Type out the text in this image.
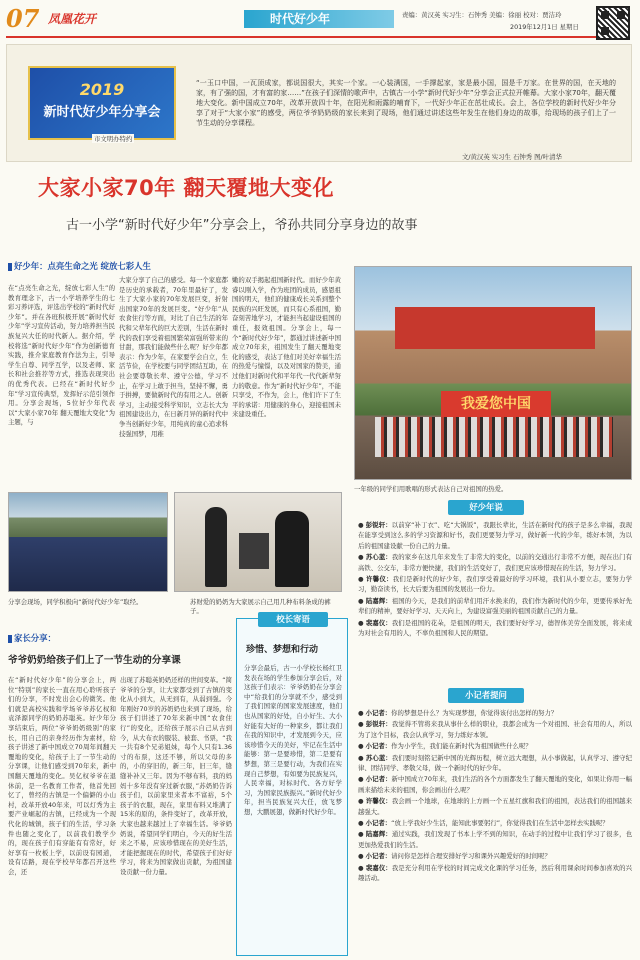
07 凤凰花开	时代好少年	责编：黄汉英 实习生：石钟秀 美编：徐丽 校对：贾洁玲
2019年12月1日 星期日
2019
新时代好少年分享会
市文明办特约
“一玉口中国，一瓦顶成家，都说国很大，其实一个家。一心装满国，一手撑起家，家是最小国，国是千万家。在世界的国，在天地的家，有了强的国，才有富的家……”在孩子们深情的歌声中，古镇古一小学“新时代好少年”分享会正式拉开帷幕。大家小家70年，翻天覆地大变化。新中国成立70年，改革开放四十年，在阳光和雨露的哺育下，一代好少年正在茁壮成长。会上，各位学校的新时代好少年分享了对于“大家小家”的感受，两位爷爷奶奶级的家长来到了现场，他们通过讲述这些年发生在他们身边的故事，给现场的孩子们上了一节生动的分享课程。
文/黄汉英 实习生 石钟秀 图/叶清华
大家小家70年 翻天覆地大变化
古一小学“新时代好少年”分享会上，爷孙共同分享身边的故事
好少年：点亮生命之光 绽放七彩人生
在“点亮生命之光，绽放七彩人生”的教育理念下，古一小学培养学生的七彩习养评选，评选出学校的“新时代好少年”。并在各班积极开展“新时代好少年”学习宣传活动，努力培养担当民族复兴大任的时代新人。据介绍，学校将选“新时代好少年”作为创新德育实践，推介家庭教育作法为主，引导学生自尊、同学互学，以及老师、家长和社会推荐等方式，推选表现突出的优秀代表。已经在“新时代好少年”学习宣传典型，发挥好示范引领作用。分享会现场，5位好少年代表以“大家小家70年 翻天覆地大变化”为主题，与
大家分享了自己的感受。每一个家庭都是历史的承载者，70年里最好了，发生了大家小家的70年发展巨变，折射出国家70年的发展巨变。“好少年”从农食住行等方面，对比了自己生活的年代和父辈年代的巨大差别，生活在新时代的我们享受着祖国繁荣富强所带来的甘甜，那我们能做些什么呢？好少年都表示：作为少年，在家要学会自立，生活节俭，在学校要与同学团结互助，在社会要尊敬长辈、遵守公德，学习不止，在学习上敢于担当，坚持不懈，勇于拼搏，要做新时代的有用之人。创新学习，主动接受科学知识，立志长大为祖国建设出力，在日新月异的新时代中争当创新好少年，用纯真的童心追求科技强国梦，用稚
嫩的双手揭起祖国新时代。而好少年黄睿以刚入学，作为班团的成员，感恩祖国的明天，他们的健康成长关系到整个民族的兴旺发展，而只有心系祖国，勤奋刻苦地学习，才能担当起建设祖国的重任，报效祖国。分享会上，每一个“新时代好少年”，都通过讲述新中国成立70年来，祖国发生了翻天覆地变化的感受，表达了他们对美好幸福生活的热爱与憧憬，以及对国家的赞美，通过他们对新时代和平年代一代代新辈努力的敬意。作为“新时代好少年”，不能只享受，不作为，会上，他们许下了生平的承诺：用健康的身心，迎接祖国未来建设重任。
我爱您中国
一年级的同学们用歌唱的形式表达自己对祖国的热爱。
分享会现场，同学积极向“新时代好少年”取经。	苏财爱的奶奶为大家展示自己用几种布料条成的裤子。
家长分享：
爷爷奶奶给孩子们上了一节生动的分享课
在“新时代好少年”的分享会上，两位“特别”的家长一直在用心聆听孩子们的分享，不时发出会心的微笑。他们就是高校实践和学场爷爷苏亿权和袁泽源同学的奶奶苏聪英。好少年分享结束后，两位“爷爷奶奶级别”的家长，用自己的亲身经历作为素材，给孩子讲述了新中国成立70周年间翻天覆地的变化，给孩子上了一节生动的分享课，让他们感受到70年来，新中国翻天覆地的变化。吴亿权爷爷在退休前，是一名教育工作者，他首先回忆了，曾经的古镇是一个偏僻的小山村，改革开放40年来，可以灯秀为主要产业崛起的古镇，已经成为一个现代化的城镇，孩子们的生活，学习条件也随之变化了，以前我们教学少的，现在孩子们有穿能有有常好，好好享有一枚板上学，以前设有园道，设有话路，现在学校早年都召开这些会，还
出现了苏聪英奶奶还样的世间变革。“简爷爷的分享，让大家都受到了古镇的变化从小到大，从无到有，从弱到强。今年刚好70岁的苏奶奶也来到了现场，给孩子们讲述了70年来新中国“农食住行”的变化，还给孩子展示自己从古到今，从大布衣的服装、被套、书票，“我一共有8个兄弟姐妹，每个人只有1.36寸的布票，这还不够，所以父母的多的，小的穿旧的，新三年，旧三年，缝缝补补又三年。因为不够布料，我的妈妈十多年没有穿过新衣服，”苏奶奶告诉孩子们，以前家里来者本不富裕，5个孩子的衣服，现在，家里布料又堆满了15米的原的，条件变好了，改革开放，大家也越来越过上了幸福生活。爷爷奶奶说，希望同学们明白，今天的好生活来之不易，应该珍惜现在的美好生活，才能把握现在的时代，希望孩子们好好学习，将来为国家做出贡献，为祖国建设贡献一份力量。
校长寄语
珍惜、梦想和行动
分享会最后，古一小学校长杨红卫发表在场的学生参加分享会后，对这孩子们表示：爷爷奶奶在分享会中“给我们的分享就不少，感受到了我们国家的国家发展速度，他们也从国家的好处，自小好生、大小好能有大好的一种家乡，都让我们在我的知识中，才发展到今天，应该珍惜今天的美好，牢记在生活中能够：第一是要珍惜，第二是要有梦想，第三是要行动，为我们在实现自己梦想，有如要为民族复兴，人民幸福，对标时代、各方好学习，为国家民族振兴。”新时代好少年，担当民族复兴大任，放飞梦想，大鹏展翅，做新时代好少年。
好少年说

● 彭锐轩：以前穿“补丁衣”、吃“大锅饭”，我跟长辈比，生活在新时代的孩子是多么幸福，我现在能享受到这么多的学习资源和好书，我们更要努力学习，做好新一代的少年，练好本领，为以后的祖国建设献一份自己的力量。

● 苏心蓝：我的家乡在这几年来发生了非常大的变化，以前的交通出行非常不方便，现在出门有高铁、公交车，非常方便快捷，我们的生活变好了，我们更应该珍惜现在的生活，努力学习。

● 许馨仪：我们是新时代的好少年，我们享受着最好的学习环境，我们从小要立志，要努力学习，勤奋读书，长大后要为祖国的发展出一份力。

● 陆嘉辉：祖国的今天，是我们的前辈们用汗水换来的，我们作为新时代的少年，更要传承好先辈们的精神，要好好学习、天天向上，为建设富强美丽的祖国贡献自己的力量。

● 裴嘉仪：我们是祖国的花朵，是祖国的明天，我们要好好学习，德智体美劳全面发展，将来成为对社会有用的人，不辜负祖国和人民的期望。

小记者提问

● 小记者：你的梦想是什么？为实现梦想，你觉得该付出怎样的努力？

● 彭锐轩：我觉得不管将来我从事什么样的职业，我都会成为一个对祖国、社会有用的人，所以为了这个目标，我会认真学习，努力练好本领。

● 小记者：作为小学生，我们能在新时代为祖国做些什么呢？

● 苏心蓝：我们要时刻铭记新中国的光辉历程，树立远大理想，从小事做起，认真学习、遵守纪律、团结同学、孝敬父母，做一个新时代的好少年。

● 小记者：新中国成立70年来，我们生活的各个方面都发生了翻天覆地的变化，如果让你用一幅画来描绘未来的祖国，你会画出什么呢？

● 许馨仪：我会画一个地球，在地球的上方画一个五星红旗和我们的祖国，表达我们的祖国越来越强大。

● 小记者：“放上学我好少生活，能知此事要躬行”，你觉得我们在生活中怎样去实践呢？

● 陆嘉辉：通过实践，我们发现了书本上学不到的知识，在动手的过程中让我们学习了很多，也更加热爱我们的生活。

● 小记者：请问你是怎样合理安排好学习和课外兴趣爱好的时间呢？

● 裴嘉仪：我是充分利用在学校的时间完成文化课的学习任务，然后利用课余时间参加喜欢的兴趣活动。
